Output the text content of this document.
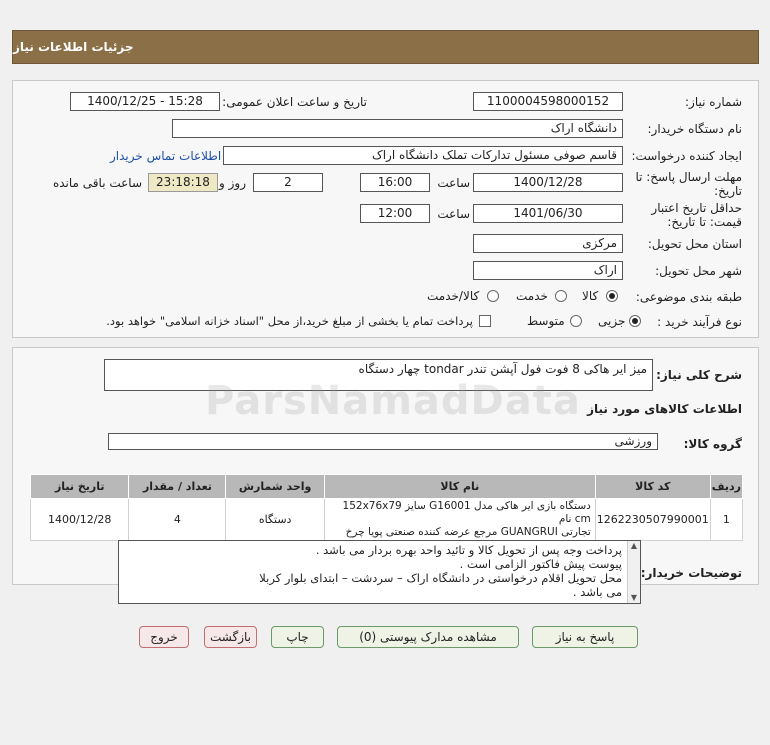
جزئیات اطلاعات نیاز
شماره نیاز:
1100004598000152
تاریخ و ساعت اعلان عمومی:
1400/12/25 - 15:28
نام دستگاه خریدار:
دانشگاه اراک
ایجاد کننده درخواست:
قاسم صوفی مسئول تدارکات تملک دانشگاه اراک
اطلاعات تماس خریدار
مهلت ارسال پاسخ: تا
تاریخ:
1400/12/28
ساعت
16:00
2
روز و
23:18:18
ساعت باقی مانده
حداقل تاریخ اعتبار
قیمت: تا تاریخ:
1401/06/30
ساعت
12:00
استان محل تحویل:
مرکزی
شهر محل تحویل:
اراک
طبقه بندی موضوعی:
کالا
خدمت
کالا/خدمت
نوع فرآیند خرید :
جزیی
متوسط
پرداخت تمام یا بخشی از مبلغ خرید،از محل "اسناد خزانه اسلامی" خواهد بود.
شرح کلی نیاز:
میز ایر هاکی 8 فوت فول آپشن تندر tondar چهار دستگاه
اطلاعات کالاهای مورد نیاز
گروه کالا:
ورزشی
ردیف	کد کالا	نام کالا	واحد شمارش	تعداد / مقدار	تاریخ نیاز
1	1262230507990001	دستگاه بازی ایر هاکی مدل G16001 سایز 152x76x79 cm نام
تجارتی GUANGRUI مرجع عرضه کننده صنعتی پویا چرخ	دستگاه	4	1400/12/28
توضیحات خریدار:
پرداخت وجه پس از تحویل کالا و تائید واحد بهره بردار می باشد .
پیوست پیش فاکتور الزامی است .
محل تحویل اقلام درخواستی در دانشگاه اراک – سردشت – ابتدای بلوار کربلا
می باشد .
▲
▼
پاسخ به نیاز
مشاهده مدارک پیوستی (0)
چاپ
بازگشت
خروج
ParsNamadData
